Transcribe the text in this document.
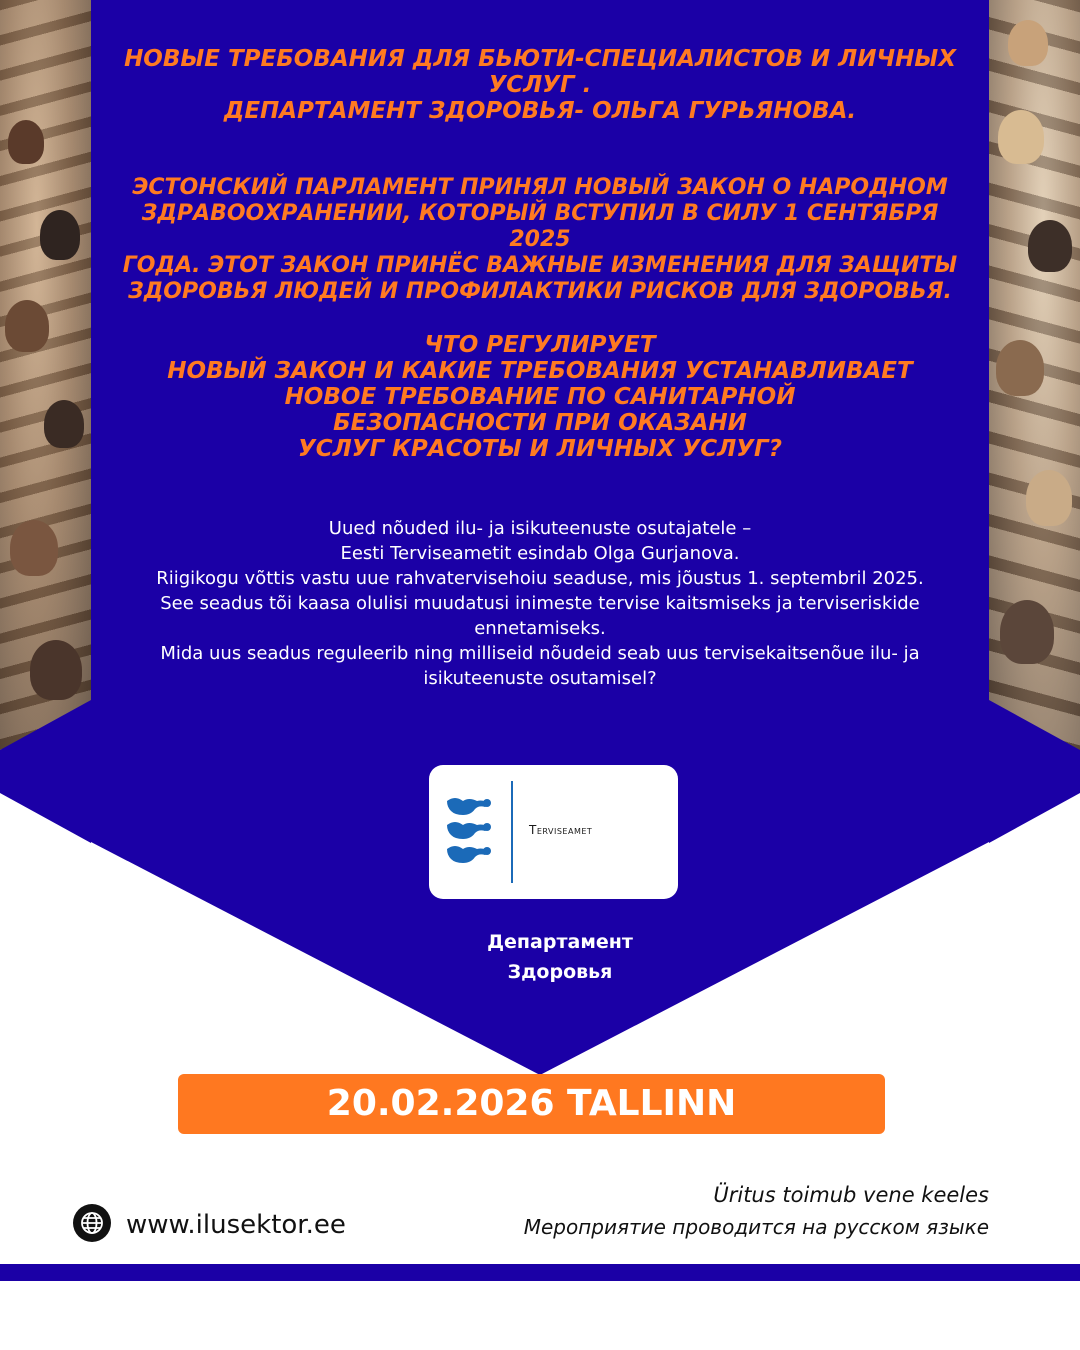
НОВЫЕ ТРЕБОВАНИЯ ДЛЯ БЬЮТИ-СПЕЦИАЛИСТОВ И ЛИЧНЫХ
УСЛУГ .
ДЕПАРТАМЕНТ ЗДОРОВЬЯ- ОЛЬГА ГУРЬЯНОВА.
ЭСТОНСКИЙ ПАРЛАМЕНТ ПРИНЯЛ НОВЫЙ ЗАКОН О НАРОДНОМ
ЗДРАВООХРАНЕНИИ, КОТОРЫЙ ВСТУПИЛ В СИЛУ 1 СЕНТЯБРЯ 2025
ГОДА. ЭТОТ ЗАКОН ПРИНЁС ВАЖНЫЕ ИЗМЕНЕНИЯ ДЛЯ ЗАЩИТЫ
ЗДОРОВЬЯ ЛЮДЕЙ И ПРОФИЛАКТИКИ РИСКОВ ДЛЯ ЗДОРОВЬЯ.
ЧТО РЕГУЛИРУЕТ
НОВЫЙ ЗАКОН И КАКИЕ ТРЕБОВАНИЯ УСТАНАВЛИВАЕТ
НОВОЕ ТРЕБОВАНИЕ ПО САНИТАРНОЙ
БЕЗОПАСНОСТИ ПРИ ОКАЗАНИ
УСЛУГ КРАСОТЫ И ЛИЧНЫХ УСЛУГ?
Uued nõuded ilu- ja isikuteenuste osutajatele –
Eesti Terviseametit esindab Olga Gurjanova.
Riigikogu võttis vastu uue rahvatervisehoiu seaduse, mis jõustus 1. septembril 2025.
See seadus tõi kaasa olulisi muudatusi inimeste tervise kaitsmiseks ja terviseriskide
ennetamiseks.
Mida uus seadus reguleerib ning milliseid nõudeid seab uus tervisekaitsenõue ilu- ja
isikuteenuste osutamisel?
Terviseamet
Департамент
Здоровья
20.02.2026 TALLINN
www.ilusektor.ee
Üritus toimub vene keeles
Мероприятие проводится на русском языке
